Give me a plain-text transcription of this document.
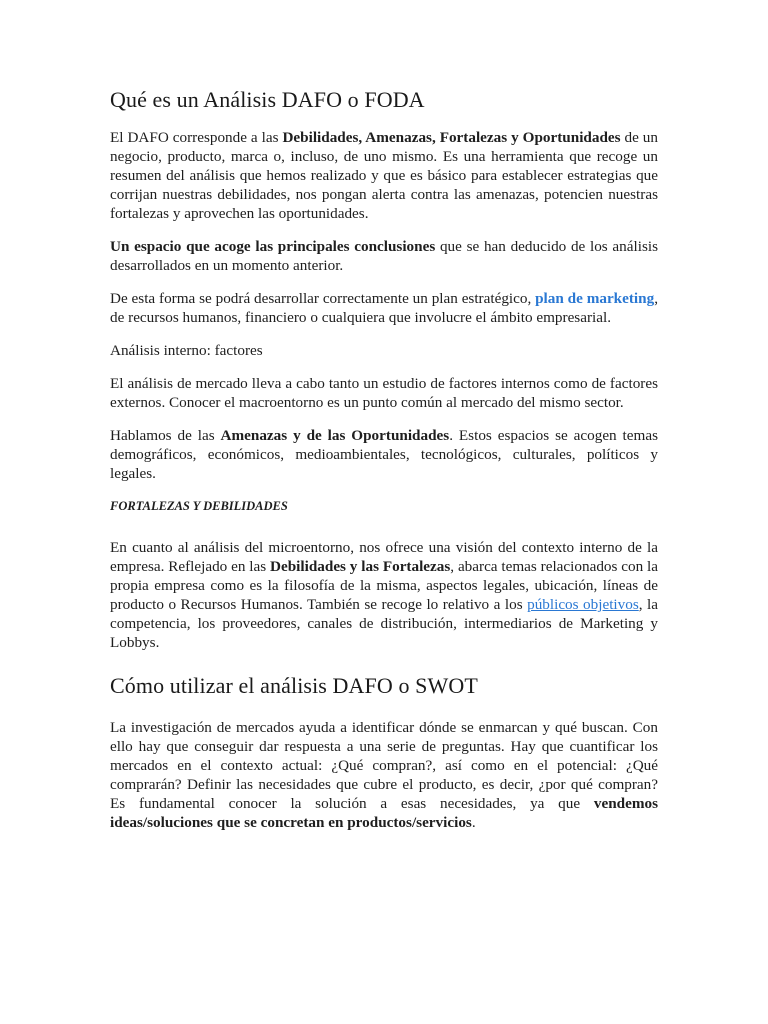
Qué es un Análisis DAFO o FODA

El DAFO corresponde a las Debilidades, Amenazas, Fortalezas y Oportunidades de un negocio, producto, marca o, incluso, de uno mismo. Es una herramienta que recoge un resumen del análisis que hemos realizado y que es básico para establecer estrategias que corrijan nuestras debilidades, nos pongan alerta contra las amenazas, potencien nuestras fortalezas y aprovechen las oportunidades.

Un espacio que acoge las principales conclusiones que se han deducido de los análisis desarrollados en un momento anterior.

De esta forma se podrá desarrollar correctamente un plan estratégico, plan de marketing, de recursos humanos, financiero o cualquiera que involucre el ámbito empresarial.

Análisis interno: factores

El análisis de mercado lleva a cabo tanto un estudio de factores internos como de factores externos. Conocer el macroentorno es un punto común al mercado del mismo sector.

Hablamos de las Amenazas y de las Oportunidades. Estos espacios se acogen temas demográficos, económicos, medioambientales, tecnológicos, culturales, políticos y legales.

FORTALEZAS Y DEBILIDADES

En cuanto al análisis del microentorno, nos ofrece una visión del contexto interno de la empresa. Reflejado en las Debilidades y las Fortalezas, abarca temas relacionados con la propia empresa como es la filosofía de la misma, aspectos legales, ubicación, líneas de producto o Recursos Humanos. También se recoge lo relativo a los públicos objetivos, la competencia, los proveedores, canales de distribución, intermediarios de Marketing y Lobbys.

Cómo utilizar el análisis DAFO o SWOT

La investigación de mercados ayuda a identificar dónde se enmarcan y qué buscan. Con ello hay que conseguir dar respuesta a una serie de preguntas. Hay que cuantificar los mercados en el contexto actual: ¿Qué compran?, así como en el potencial: ¿Qué comprarán? Definir las necesidades que cubre el producto, es decir, ¿por qué compran? Es fundamental conocer la solución a esas necesidades, ya que vendemos ideas/soluciones que se concretan en productos/servicios.
